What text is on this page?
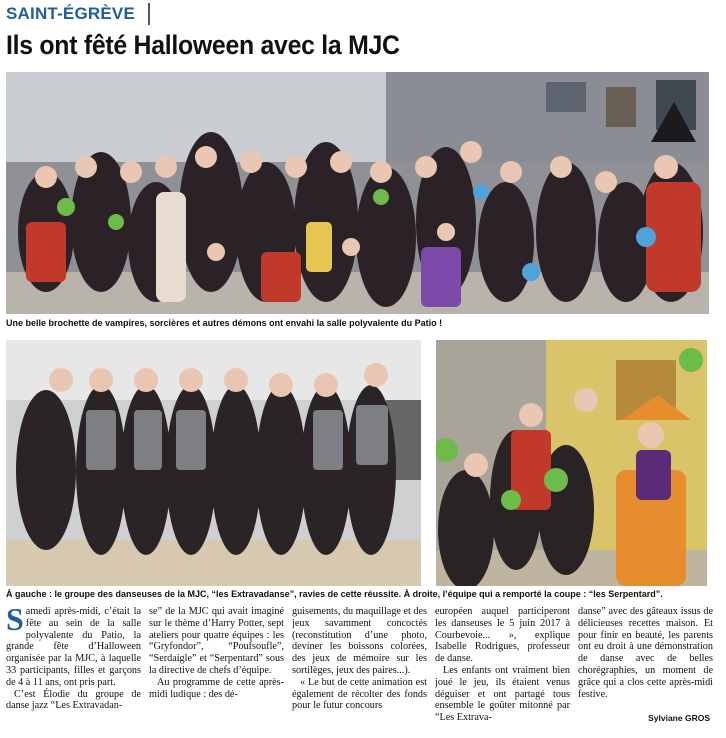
SAINT-ÉGRÈVE
Ils ont fêté Halloween avec la MJC
Une belle brochette de vampires, sorcières et autres démons ont envahi la salle polyvalente du Patio !
À gauche : le groupe des danseuses de la MJC, “les Extravadanse”, ravies de cette réussite. À droite, l’équipe qui a remporté la coupe : “les Serpentard”.

Samedi après-midi, c’était la fête au sein de la salle polyvalente du Patio, la grande fête d’Halloween organisée par la MJC, à laquelle 33 participants, filles et garçons de 4 à 11 ans, ont pris part.

C’est Élodie du groupe de danse jazz “Les Extravadan-

se” de la MJC qui avait imaginé sur le thème d’Harry Potter, sept ateliers pour quatre équipes : les “Gryfondor”, “Poufsoufle”, “Serdaigle” et “Serpentard” sous la directive de chefs d’équipe.

Au programme de cette après-midi ludique : des dé-

guisements, du maquillage et des jeux savamment concoctés (reconstitution d’une photo, deviner les boissons colorées, des jeux de mémoire sur les sortilèges, jeux des paires...).

« Le but de cette animation est également de récolter des fonds pour le futur concours

européen auquel participeront les danseuses le 5 juin 2017 à Courbevoie... », explique Isabelle Rodrigues, professeur de danse.

Les enfants ont vraiment bien joué le jeu, ils étaient venus déguiser et ont partagé tous ensemble le goûter mitonné par “Les Extrava-

danse” avec des gâteaux issus de délicieuses recettes maison. Et pour finir en beauté, les parents ont eu droit à une démonstration de danse avec de belles chorégraphies, un moment de grâce qui a clos cette après-midi festive.

Sylviane GROS
